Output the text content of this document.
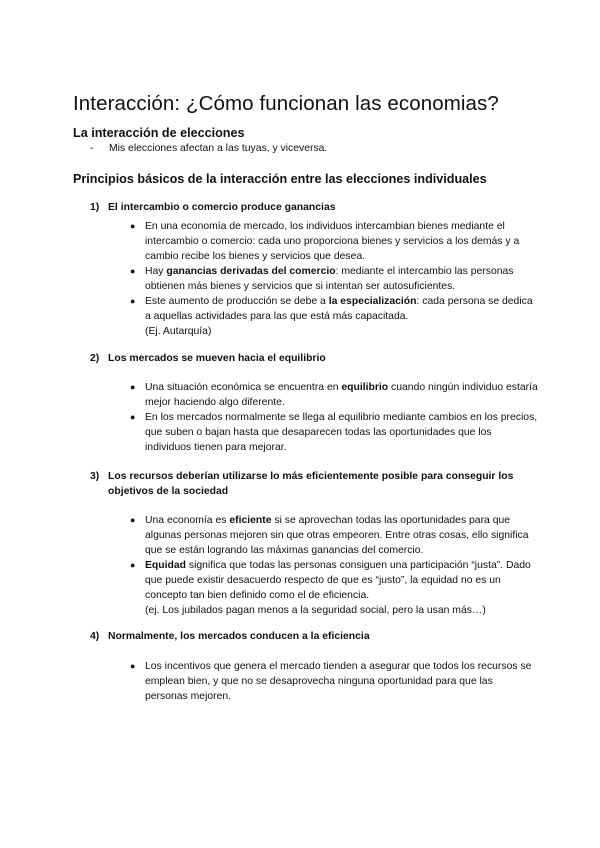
Interacción: ¿Cómo funcionan las economias?
La interacción de elecciones
-	Mis elecciones afectan a las tuyas, y viceversa.
Principios básicos de la interacción entre las elecciones individuales
1) El intercambio o comercio produce ganancias
● En una economía de mercado, los individuos intercambian bienes mediante el intercambio o comercio: cada uno proporciona bienes y servicios a los demás y a cambio recibe los bienes y servicios que desea.
● Hay ganancias derivadas del comercio: mediante el intercambio las personas obtienen más bienes y servicios que si intentan ser autosuficientes.
● Este aumento de producción se debe a la especialización: cada persona se dedica a aquellas actividades para las que está más capacitada.
(Ej. Autarquía)
2) Los mercados se mueven hacia el equilibrio
● Una situación económica se encuentra en equilibrio cuando ningún individuo estaría mejor haciendo algo diferente.
● En los mercados normalmente se llega al equilibrio mediante cambios en los precios, que suben o bajan hasta que desaparecen todas las oportunidades que los individuos tienen para mejorar.
3) Los recursos deberían utilizarse lo más eficientemente posible para conseguir los objetivos de la sociedad
● Una economía es eficiente si se aprovechan todas las oportunidades para que algunas personas mejoren sin que otras empeoren. Entre otras cosas, ello significa que se están logrando las máximas ganancias del comercio.
● Equidad significa que todas las personas consiguen una participación “justa”. Dado que puede existir desacuerdo respecto de que es “justo”, la equidad no es un concepto tan bien definido como el de eficiencia.
(ej. Los jubilados pagan menos a la seguridad social, pero la usan más…)
4) Normalmente, los mercados conducen a la eficiencia
● Los incentivos que genera el mercado tienden a asegurar que todos los recursos se emplean bien, y que no se desaprovecha ninguna oportunidad para que las personas mejoren.
